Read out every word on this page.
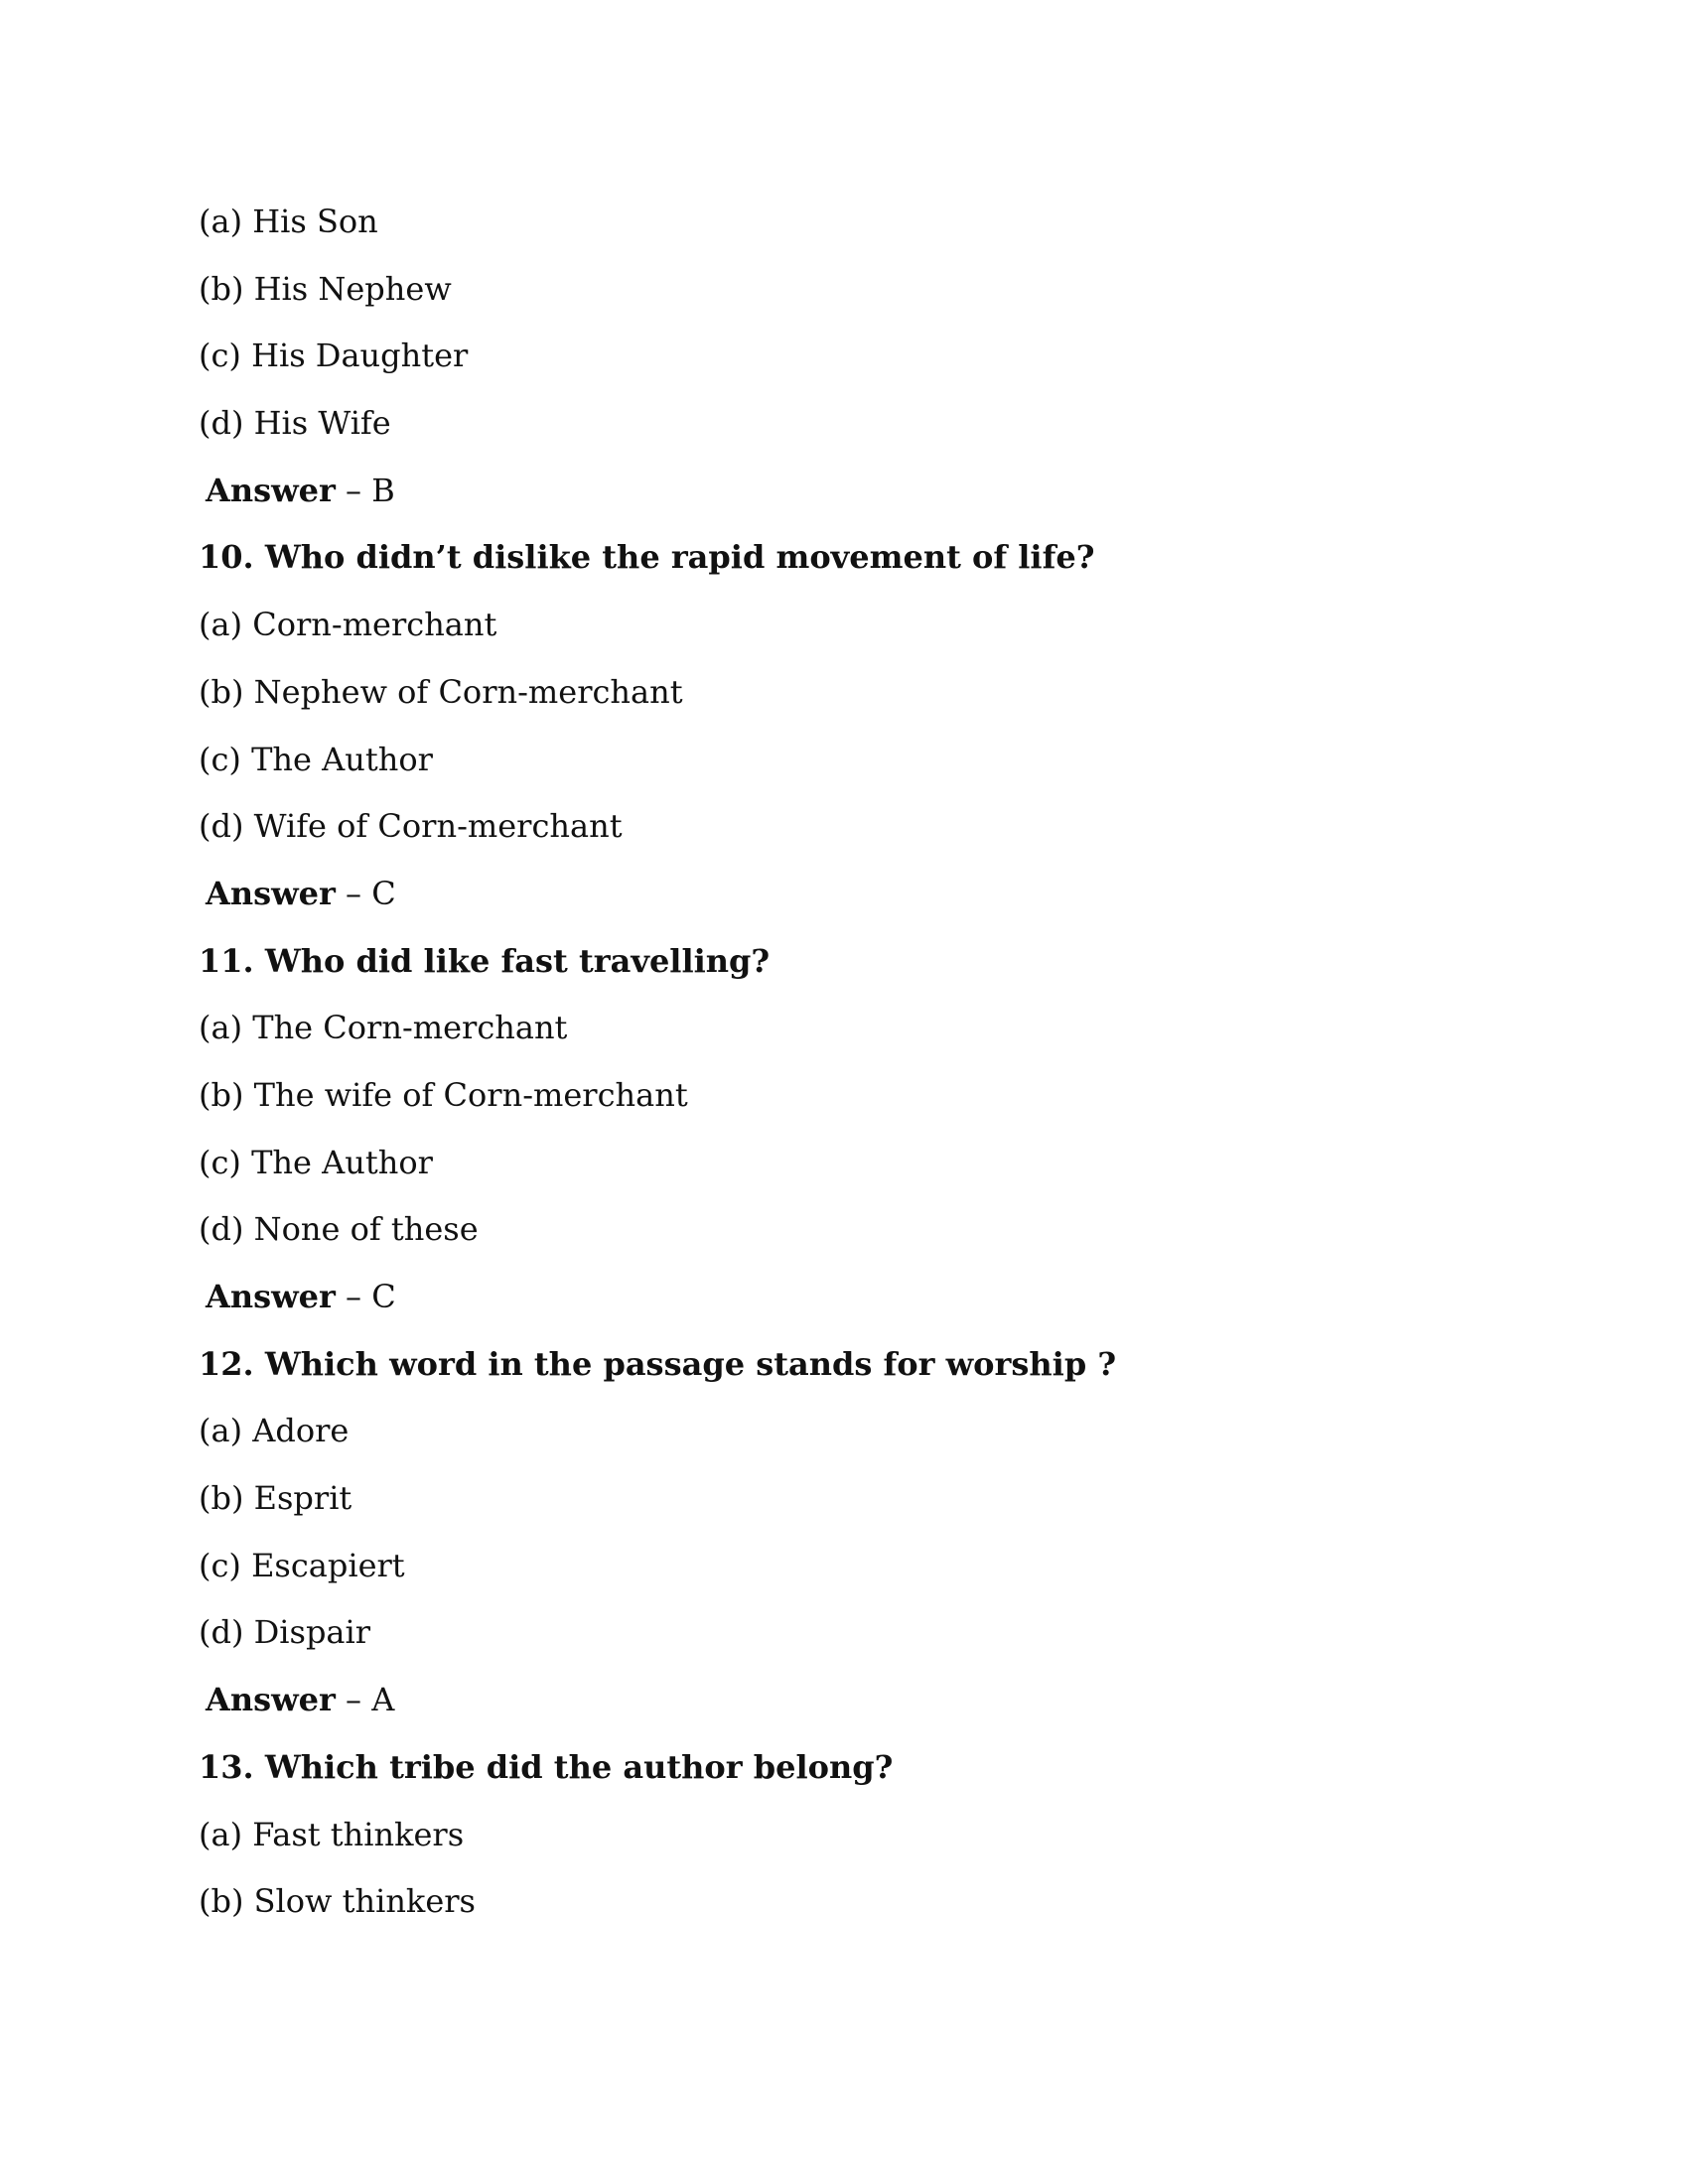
(a) His Son
(b) His Nephew
(c) His Daughter
(d) His Wife
Answer – B
10. Who didn’t dislike the rapid movement of life?
(a) Corn-merchant
(b) Nephew of Corn-merchant
(c) The Author
(d) Wife of Corn-merchant
Answer – C
11. Who did like fast travelling?
(a) The Corn-merchant
(b) The wife of Corn-merchant
(c) The Author
(d) None of these
Answer – C
12. Which word in the passage stands for worship ?
(a) Adore
(b) Esprit
(c) Escapiert
(d) Dispair
Answer – A
13. Which tribe did the author belong?
(a) Fast thinkers
(b) Slow thinkers
